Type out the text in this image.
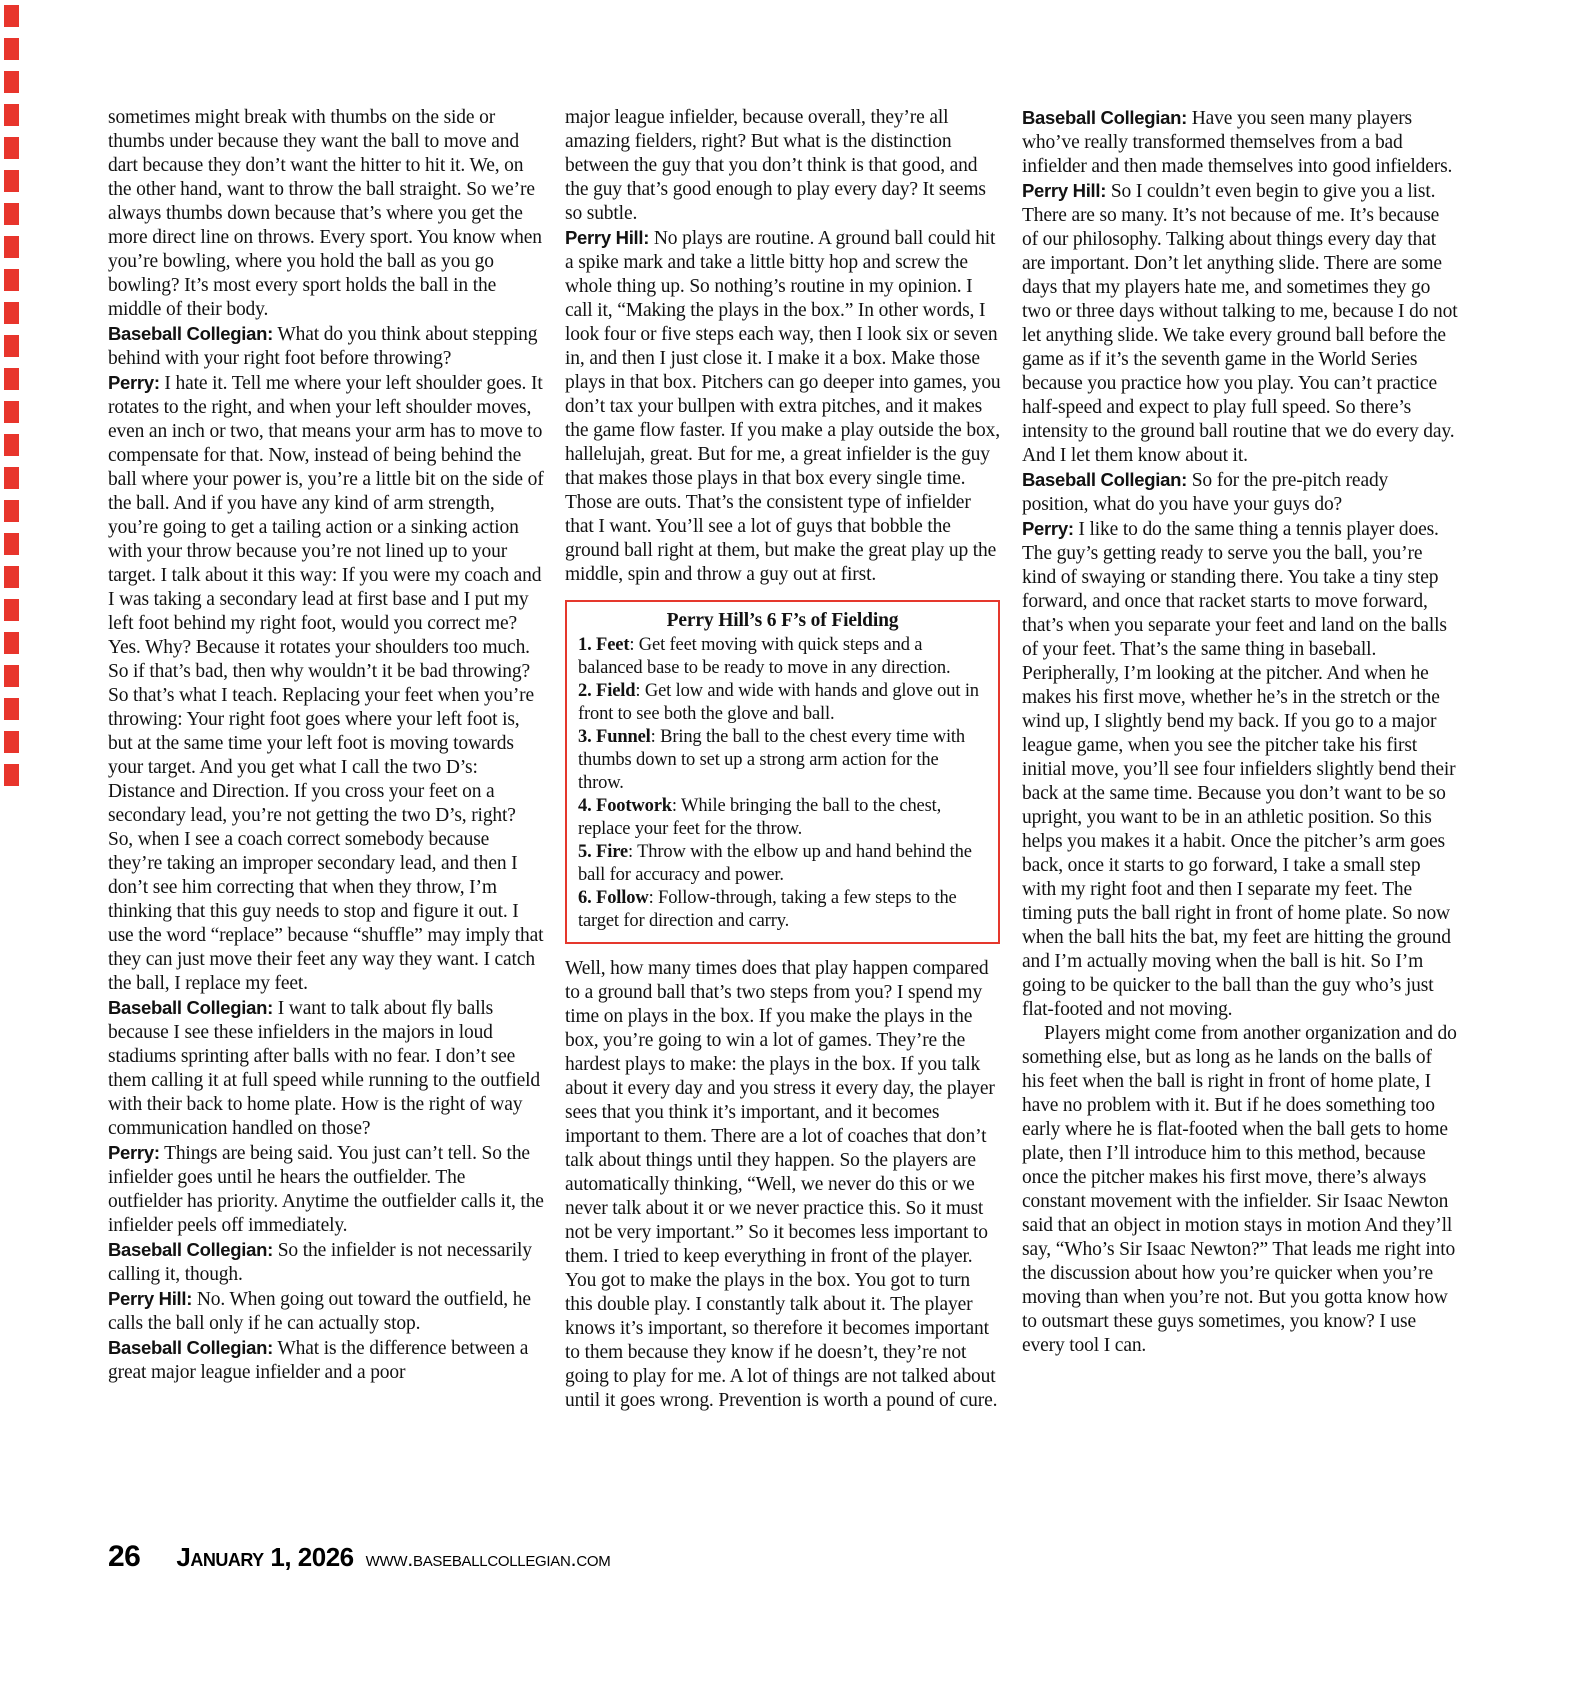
sometimes might break with thumbs on the side or thumbs under because they want the ball to move and dart because they don’t want the hitter to hit it. We, on the other hand, want to throw the ball straight. So we’re always thumbs down because that’s where you get the more direct line on throws. Every sport. You know when you’re bowling, where you hold the ball as you go bowling? It’s most every sport holds the ball in the middle of their body.

Baseball Collegian: What do you think about stepping behind with your right foot before throwing?

Perry: I hate it. Tell me where your left shoulder goes. It rotates to the right, and when your left shoulder moves, even an inch or two, that means your arm has to move to compensate for that. Now, instead of being behind the ball where your power is, you’re a little bit on the side of the ball. And if you have any kind of arm strength, you’re going to get a tailing action or a sinking action with your throw because you’re not lined up to your target. I talk about it this way: If you were my coach and I was taking a secondary lead at first base and I put my left foot behind my right foot, would you correct me? Yes. Why? Because it rotates your shoulders too much. So if that’s bad, then why wouldn’t it be bad throwing? So that’s what I teach. Replacing your feet when you’re throwing: Your right foot goes where your left foot is, but at the same time your left foot is moving towards your target. And you get what I call the two D’s: Distance and Direction. If you cross your feet on a secondary lead, you’re not getting the two D’s, right? So, when I see a coach correct somebody because they’re taking an improper secondary lead, and then I don’t see him correcting that when they throw, I’m thinking that this guy needs to stop and figure it out. I use the word “replace” because “shuffle” may imply that they can just move their feet any way they want. I catch the ball, I replace my feet.

Baseball Collegian: I want to talk about fly balls because I see these infielders in the majors in loud stadiums sprinting after balls with no fear. I don’t see them calling it at full speed while running to the outfield with their back to home plate. How is the right of way communication handled on those?

Perry: Things are being said. You just can’t tell. So the infielder goes until he hears the outfielder. The outfielder has priority. Anytime the outfielder calls it, the infielder peels off immediately.

Baseball Collegian: So the infielder is not necessarily calling it, though.

Perry Hill: No. When going out toward the outfield, he calls the ball only if he can actually stop.

Baseball Collegian: What is the difference between a great major league infielder and a poor

major league infielder, because overall, they’re all amazing fielders, right? But what is the distinction between the guy that you don’t think is that good, and the guy that’s good enough to play every day? It seems so subtle.

Perry Hill: No plays are routine. A ground ball could hit a spike mark and take a little bitty hop and screw the whole thing up. So nothing’s routine in my opinion. I call it, “Making the plays in the box.” In other words, I look four or five steps each way, then I look six or seven in, and then I just close it. I make it a box. Make those plays in that box. Pitchers can go deeper into games, you don’t tax your bullpen with extra pitches, and it makes the game flow faster. If you make a play outside the box, hallelujah, great. But for me, a great infielder is the guy that makes those plays in that box every single time. Those are outs. That’s the consistent type of infielder that I want. You’ll see a lot of guys that bobble the ground ball right at them, but make the great play up the middle, spin and throw a guy out at first.

Perry Hill’s 6 F’s of Fielding

1. Feet: Get feet moving with quick steps and a balanced base to be ready to move in any direction.

2. Field: Get low and wide with hands and glove out in front to see both the glove and ball.

3. Funnel: Bring the ball to the chest every time with thumbs down to set up a strong arm action for the throw.

4. Footwork: While bringing the ball to the chest, replace your feet for the throw.

5. Fire: Throw with the elbow up and hand behind the ball for accuracy and power.

6. Follow: Follow-through, taking a few steps to the target for direction and carry.

Well, how many times does that play happen compared to a ground ball that’s two steps from you? I spend my time on plays in the box. If you make the plays in the box, you’re going to win a lot of games. They’re the hardest plays to make: the plays in the box. If you talk about it every day and you stress it every day, the player sees that you think it’s important, and it becomes important to them. There are a lot of coaches that don’t talk about things until they happen. So the players are automatically thinking, “Well, we never do this or we never talk about it or we never practice this. So it must not be very important.” So it becomes less important to them. I tried to keep everything in front of the player. You got to make the plays in the box. You got to turn this double play. I constantly talk about it. The player knows it’s important, so therefore it becomes important to them because they know if he doesn’t, they’re not going to play for me. A lot of things are not talked about until it goes wrong. Prevention is worth a pound of cure.

Baseball Collegian: Have you seen many players who’ve really transformed themselves from a bad infielder and then made themselves into good infielders.

Perry Hill: So I couldn’t even begin to give you a list. There are so many. It’s not because of me. It’s because of our philosophy. Talking about things every day that are important. Don’t let anything slide. There are some days that my players hate me, and sometimes they go two or three days without talking to me, because I do not let anything slide. We take every ground ball before the game as if it’s the seventh game in the World Series because you practice how you play. You can’t practice half-speed and expect to play full speed. So there’s intensity to the ground ball routine that we do every day. And I let them know about it.

Baseball Collegian: So for the pre-pitch ready position, what do you have your guys do?

Perry: I like to do the same thing a tennis player does. The guy’s getting ready to serve you the ball, you’re kind of swaying or standing there. You take a tiny step forward, and once that racket starts to move forward, that’s when you separate your feet and land on the balls of your feet. That’s the same thing in baseball. Peripherally, I’m looking at the pitcher. And when he makes his first move, whether he’s in the stretch or the wind up, I slightly bend my back. If you go to a major league game, when you see the pitcher take his first initial move, you’ll see four infielders slightly bend their back at the same time. Because you don’t want to be so upright, you want to be in an athletic position. So this helps you makes it a habit. Once the pitcher’s arm goes back, once it starts to go forward, I take a small step with my right foot and then I separate my feet. The timing puts the ball right in front of home plate. So now when the ball hits the bat, my feet are hitting the ground and I’m actually moving when the ball is hit. So I’m going to be quicker to the ball than the guy who’s just flat-footed and not moving.

Players might come from another organization and do something else, but as long as he lands on the balls of his feet when the ball is right in front of home plate, I have no problem with it. But if he does something too early where he is flat-footed when the ball gets to home plate, then I’ll introduce him to this method, because once the pitcher makes his first move, there’s always constant movement with the infielder. Sir Isaac Newton said that an object in motion stays in motion And they’ll say, “Who’s Sir Isaac Newton?” That leads me right into the discussion about how you’re quicker when you’re moving than when you’re not. But you gotta know how to outsmart these guys sometimes, you know? I use every tool I can.

26 January 1, 2026 www.baseballcollegian.com
